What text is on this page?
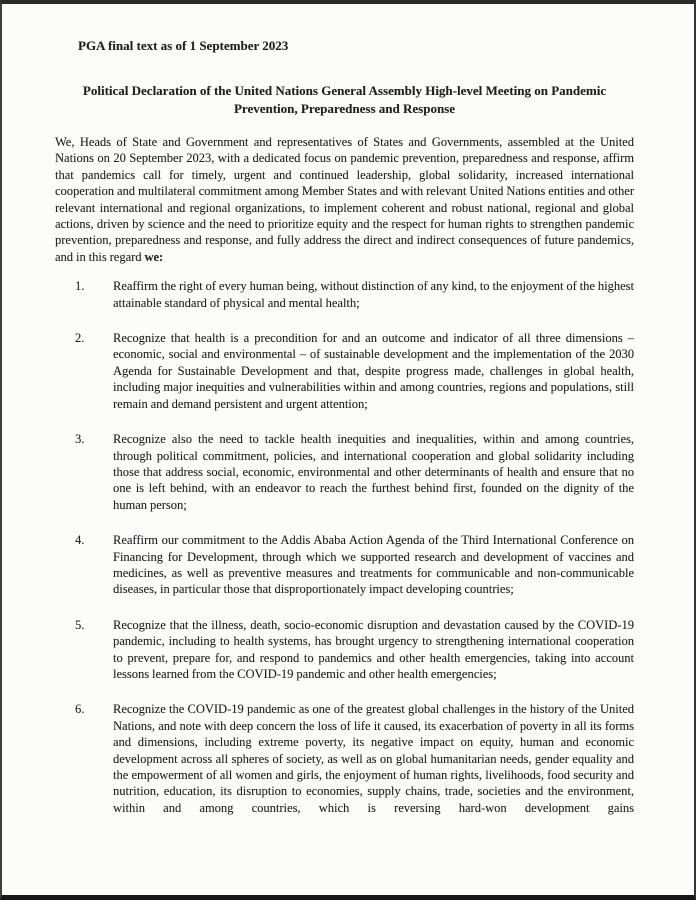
PGA final text as of 1 September 2023

Political Declaration of the United Nations General Assembly High-level Meeting on Pandemic Prevention, Preparedness and Response

We, Heads of State and Government and representatives of States and Governments, assembled at the United Nations on 20 September 2023, with a dedicated focus on pandemic prevention, preparedness and response, affirm that pandemics call for timely, urgent and continued leadership, global solidarity, increased international cooperation and multilateral commitment among Member States and with relevant United Nations entities and other relevant international and regional organizations, to implement coherent and robust national, regional and global actions, driven by science and the need to prioritize equity and the respect for human rights to strengthen pandemic prevention, preparedness and response, and fully address the direct and indirect consequences of future pandemics, and in this regard we:

1.	Reaffirm the right of every human being, without distinction of any kind, to the enjoyment of the highest attainable standard of physical and mental health;
2.	Recognize that health is a precondition for and an outcome and indicator of all three dimensions – economic, social and environmental – of sustainable development and the implementation of the 2030 Agenda for Sustainable Development and that, despite progress made, challenges in global health, including major inequities and vulnerabilities within and among countries, regions and populations, still remain and demand persistent and urgent attention;
3.	Recognize also the need to tackle health inequities and inequalities, within and among countries, through political commitment, policies, and international cooperation and global solidarity including those that address social, economic, environmental and other determinants of health and ensure that no one is left behind, with an endeavor to reach the furthest behind first, founded on the dignity of the human person;
4.	Reaffirm our commitment to the Addis Ababa Action Agenda of the Third International Conference on Financing for Development, through which we supported research and development of vaccines and medicines, as well as preventive measures and treatments for communicable and non-communicable diseases, in particular those that disproportionately impact developing countries;
5.	Recognize that the illness, death, socio-economic disruption and devastation caused by the COVID-19 pandemic, including to health systems, has brought urgency to strengthening international cooperation to prevent, prepare for, and respond to pandemics and other health emergencies, taking into account lessons learned from the COVID-19 pandemic and other health emergencies;
6.	Recognize the COVID-19 pandemic as one of the greatest global challenges in the history of the United Nations, and note with deep concern the loss of life it caused, its exacerbation of poverty in all its forms and dimensions, including extreme poverty, its negative impact on equity, human and economic development across all spheres of society, as well as on global humanitarian needs, gender equality and the empowerment of all women and girls, the enjoyment of human rights, livelihoods, food security and nutrition, education, its disruption to economies, supply chains, trade, societies and the environment, within and among countries, which is reversing hard-won development gains
